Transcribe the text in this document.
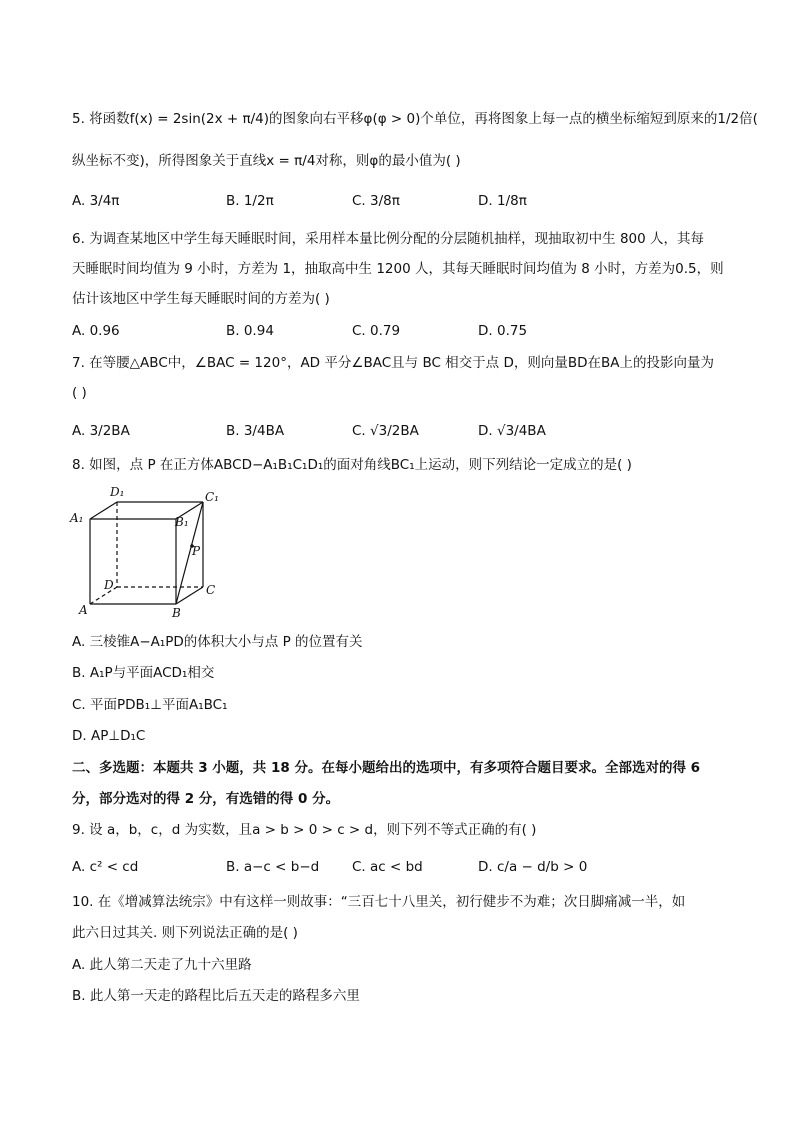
5. 将函数f(x) = 2sin(2x + π/4)的图象向右平移φ(φ > 0)个单位，再将图象上每一点的横坐标缩短到原来的1/2倍(
纵坐标不变)，所得图象关于直线x = π/4对称，则φ的最小值为( )
A. 3/4π	B. 1/2π	C. 3/8π	D. 1/8π
6. 为调查某地区中学生每天睡眠时间，采用样本量比例分配的分层随机抽样，现抽取初中生 800 人，其每
天睡眠时间均值为 9 小时，方差为 1，抽取高中生 1200 人，其每天睡眠时间均值为 8 小时，方差为0.5，则
估计该地区中学生每天睡眠时间的方差为( )
A. 0.96	B. 0.94	C. 0.79	D. 0.75
7. 在等腰△ABC中，∠BAC = 120°，AD 平分∠BAC且与 BC 相交于点 D，则向量BD在BA上的投影向量为
( )
A. 3/2BA	B. 3/4BA	C. √3/2BA	D. √3/4BA
8. 如图，点 P 在正方体ABCD−A₁B₁C₁D₁的面对角线BC₁上运动，则下列结论一定成立的是( )
D₁	C₁
A₁	B₁
P
D	C
A	B
A. 三棱锥A−A₁PD的体积大小与点 P 的位置有关
B. A₁P与平面ACD₁相交
C. 平面PDB₁⊥平面A₁BC₁
D. AP⊥D₁C
二、多选题：本题共 3 小题，共 18 分。在每小题给出的选项中，有多项符合题目要求。全部选对的得 6
分，部分选对的得 2 分，有选错的得 0 分。
9. 设 a，b，c，d 为实数，且a > b > 0 > c > d，则下列不等式正确的有( )
A. c² < cd	B. a−c < b−d C. ac < bd	D. c/a − d/b > 0
10. 在《增减算法统宗》中有这样一则故事：“三百七十八里关，初行健步不为难；次日脚痛减一半，如
此六日过其关. 则下列说法正确的是( )
A. 此人第二天走了九十六里路
B. 此人第一天走的路程比后五天走的路程多六里
